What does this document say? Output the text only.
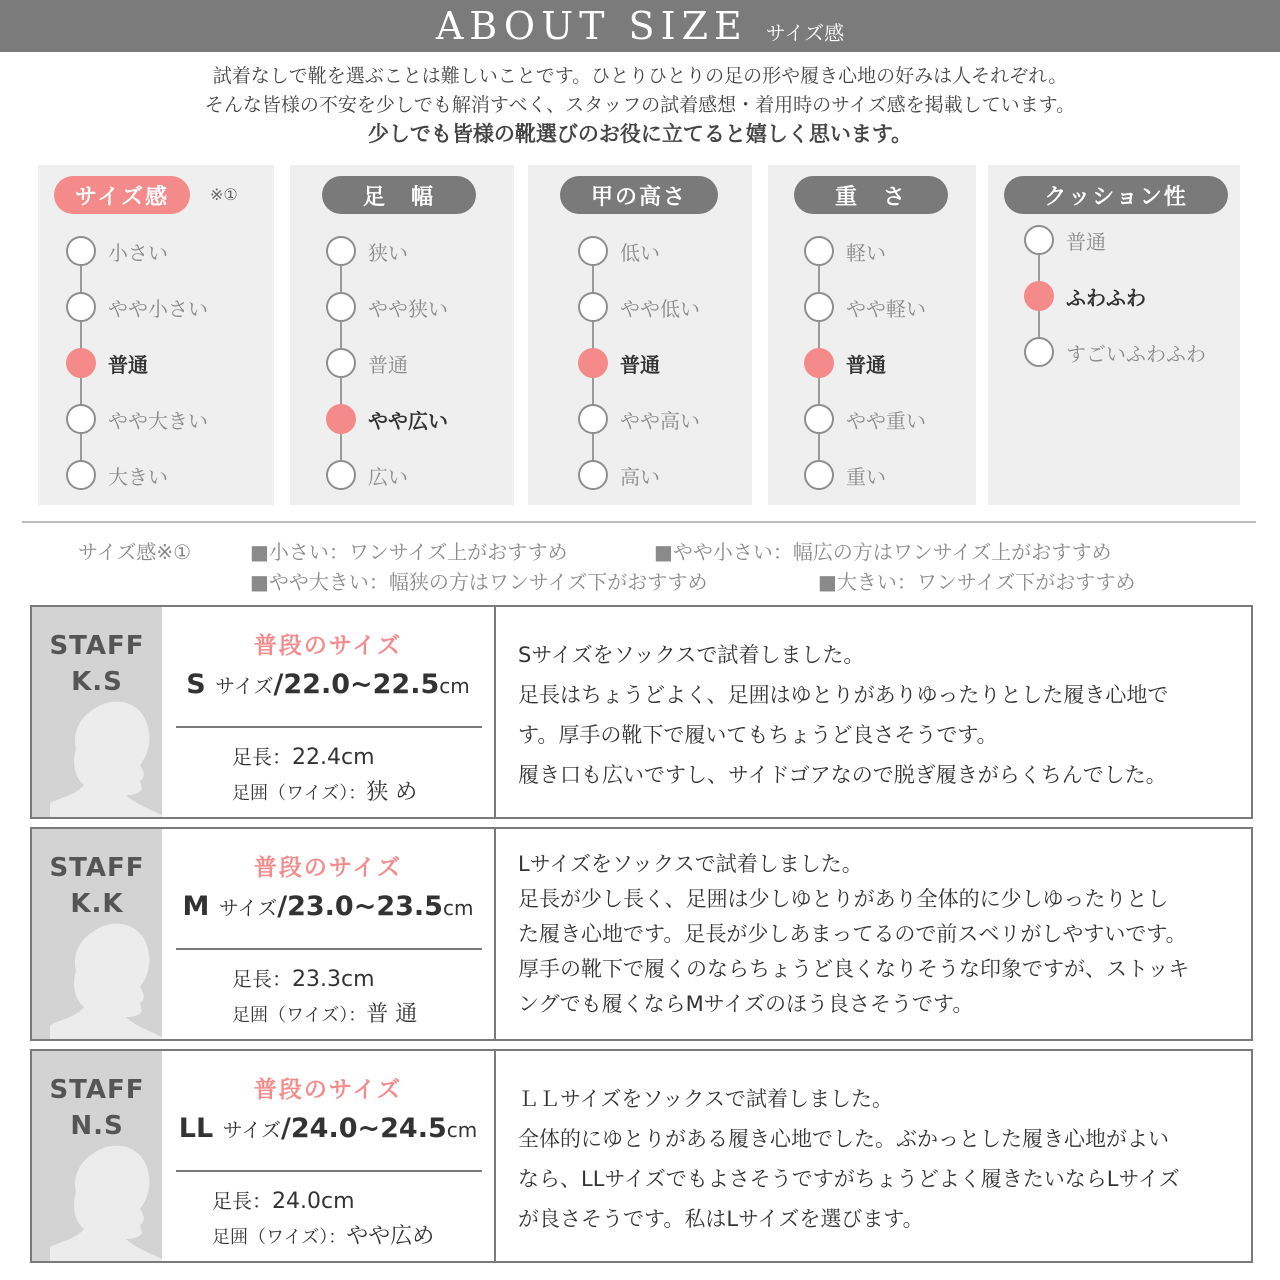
ABOUT SIZE サイズ感
試着なしで靴を選ぶことは難しいことです。ひとりひとりの足の形や履き心地の好みは人それぞれ。
そんな皆様の不安を少しでも解消すべく、スタッフの試着感想・着用時のサイズ感を掲載しています。
少しでも皆様の靴選びのお役に立てると嬉しく思います。
サイズ感	※①
小さい
やや小さい
普通
やや大きい
大きい
足　幅
狭い
やや狭い
普通
やや広い
広い
甲の高さ
低い
やや低い
普通
やや高い
高い
重　さ
軽い
やや軽い
普通
やや重い
重い
クッション性
普通
ふわふわ
すごいふわふわ
サイズ感※①	■小さい：ワンサイズ上がおすすめ	■やや小さい：幅広の方はワンサイズ上がおすすめ
■やや大きい：幅狭の方はワンサイズ下がおすすめ	■大きい：ワンサイズ下がおすすめ
STAFF
K.S
普段のサイズ
S サイズ/22.0~22.5cm
足長：22.4cm
足囲（ワイズ）：狭 め
Sサイズをソックスで試着しました。
足長はちょうどよく、足囲はゆとりがありゆったりとした履き心地で
す。厚手の靴下で履いてもちょうど良さそうです。
履き口も広いですし、サイドゴアなので脱ぎ履きがらくちんでした。
STAFF
K.K
普段のサイズ
M サイズ/23.0~23.5cm
足長：23.3cm
足囲（ワイズ）：普 通
Lサイズをソックスで試着しました。
足長が少し長く、足囲は少しゆとりがあり全体的に少しゆったりとし
た履き心地です。足長が少しあまってるので前スベリがしやすいです。
厚手の靴下で履くのならちょうど良くなりそうな印象ですが、ストッキ
ングでも履くならMサイズのほう良さそうです。
STAFF
N.S
普段のサイズ
LL サイズ/24.0~24.5cm
足長：24.0cm
足囲（ワイズ）：やや広め
ＬＬサイズをソックスで試着しました。
全体的にゆとりがある履き心地でした。ぶかっとした履き心地がよい
なら、LLサイズでもよさそうですがちょうどよく履きたいならLサイズ
が良さそうです。私はLサイズを選びます。
